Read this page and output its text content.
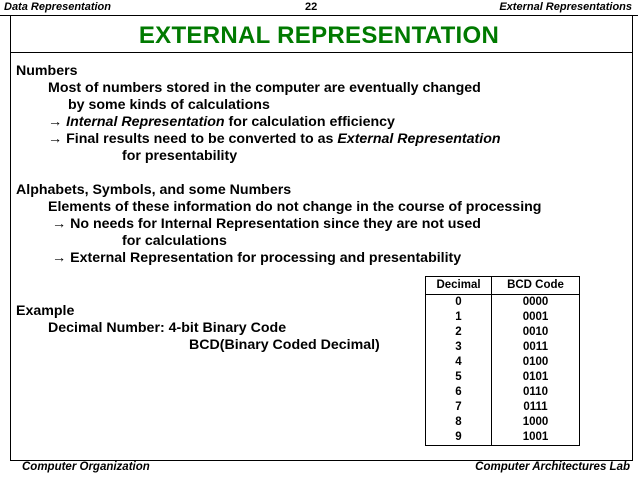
Data Representation	22	External Representations
EXTERNAL REPRESENTATION
Numbers
Most of numbers stored in the computer are eventually changed
by some kinds of calculations
→ Internal Representation for calculation efficiency
→ Final results need to be converted to as External Representation
for presentability
Alphabets, Symbols, and some Numbers
Elements of these information do not change in the course of processing
→ No needs for Internal Representation since they are not used
for calculations
→ External Representation for processing and presentability
Example
Decimal Number: 4-bit Binary Code
BCD(Binary Coded Decimal)
Decimal	BCD Code
0	0000
1	0001
2	0010
3	0011
4	0100
5	0101
6	0110
7	0111
8	1000
9	1001
Computer Organization	Computer Architectures Lab
